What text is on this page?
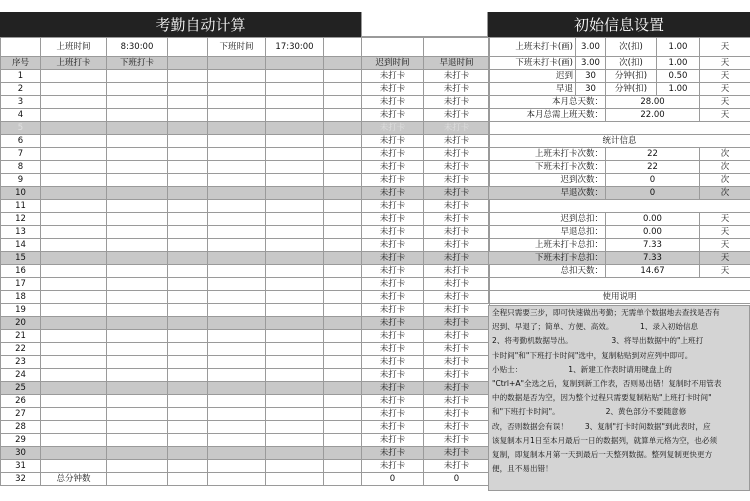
考勤自动计算	初始信息设置
	上班时间	8:30:00		下班时间	17:30:00			
序号	上班打卡	下班打卡					迟到时间	早退时间
1							未打卡	未打卡
2							未打卡	未打卡
3							未打卡	未打卡
4							未打卡	未打卡
5							未打卡	未打卡
6							未打卡	未打卡
7							未打卡	未打卡
8							未打卡	未打卡
9							未打卡	未打卡
10							未打卡	未打卡
11							未打卡	未打卡
12							未打卡	未打卡
13							未打卡	未打卡
14							未打卡	未打卡
15							未打卡	未打卡
16							未打卡	未打卡
17							未打卡	未打卡
18							未打卡	未打卡
19							未打卡	未打卡
20							未打卡	未打卡
21							未打卡	未打卡
22							未打卡	未打卡
23							未打卡	未打卡
24							未打卡	未打卡
25							未打卡	未打卡
26							未打卡	未打卡
27							未打卡	未打卡
28							未打卡	未打卡
29							未打卡	未打卡
30							未打卡	未打卡
31							未打卡	未打卡
32	总分钟数						0	0
上班未打卡(画)	3.00	次(扣)	1.00	天
下班未打卡(画)	3.00	次(扣)	1.00	天
迟到	30	分钟(扣)	0.50	天
早退	30	分钟(扣)	1.00	天
本月总天数：		28.00		天
本月总需上班天数：		22.00		天

统计信息				
上班未打卡次数：		22		次
下班未打卡次数：		22		次
迟到次数：		0		次
早退次数：		0		次

迟到总扣：		0.00		天
早退总扣：		0.00		天
上班未打卡总扣：		7.33		天
下班未打卡总扣：		7.33		天
总扣天数：		14.67		天

使用说明				
全程只需要三步，即可快速做出考勤；无需单个数据地去查找是否有
迟到、早退了；简单、方便、高效。           1、录入初始信息
2、将考勤机数据导出。                3、将导出数据中的"上班打
卡时间"和"下班打卡时间"选中，复制粘贴到对应列中即可。
小贴士：                   1、新建工作表时请用键盘上的
"Ctrl+A"全选之后，复制到新工作表，否则易出错！复制时不用管表
中的数据是否为空，因为整个过程只需要复制粘贴"上班打卡时间"
和"下班打卡时间"。                   2、黄色部分不要随意修
改，否则数据会有误！       3、复制"打卡时间数据"到此表时，应
该复制本月1日至本月最后一日的数据列，就算单元格为空，也必须
复制，即复制本月第一天到最后一天整列数据。整列复制更快更方
便，且不易出错！
